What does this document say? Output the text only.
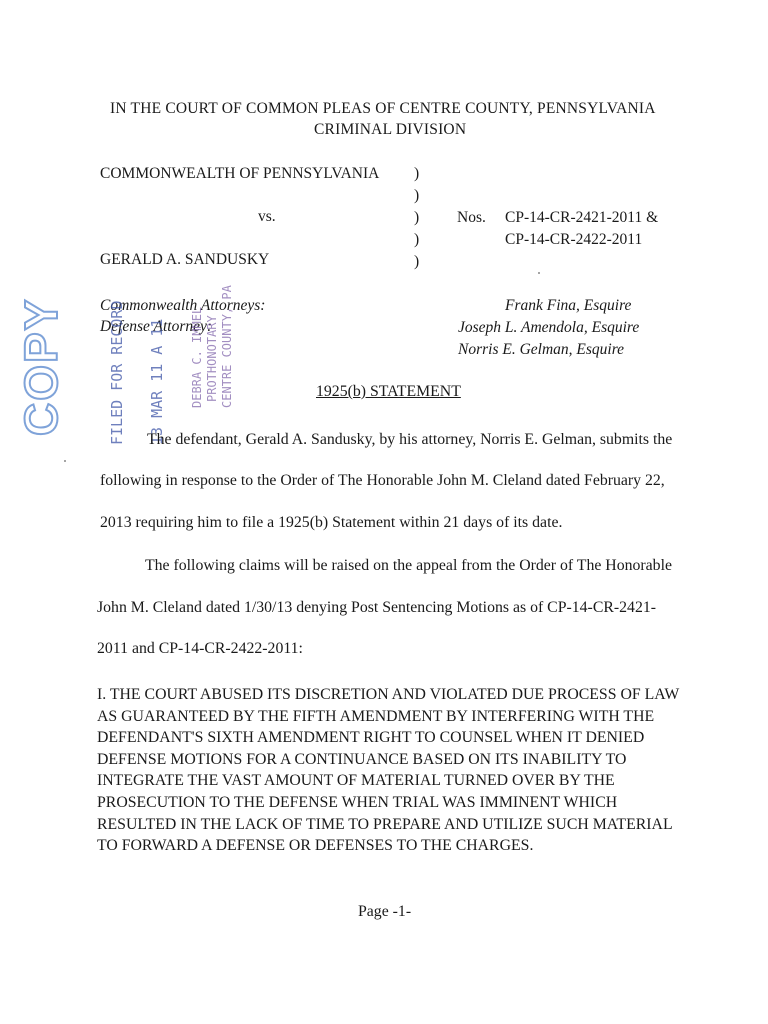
IN THE COURT OF COMMON PLEAS OF CENTRE COUNTY, PENNSYLVANIA
CRIMINAL DIVISION
COMMONWEALTH OF PENNSYLVANIA
vs.
GERALD A. SANDUSKY
)
)
)
)
)
Nos. CP-14-CR-2421-2011 &
CP-14-CR-2422-2011
Commonwealth Attorneys:
Defense Attorney:
Frank Fina, Esquire
Joseph L. Amendola, Esquire
Norris E. Gelman, Esquire
COPY	FILED FOR RECORD 13 MAR 11 A 11 DEBRA C. IMMEL PROTHONOTARY CENTRE COUNTY, PA	1925(b) STATEMENT
The defendant, Gerald A. Sandusky, by his attorney, Norris E. Gelman, submits the
following in response to the Order of The Honorable John M. Cleland dated February 22,
2013 requiring him to file a 1925(b) Statement within 21 days of its date.
The following claims will be raised on the appeal from the Order of The Honorable
John M. Cleland dated 1/30/13 denying Post Sentencing Motions as of CP-14-CR-2421-
2011 and CP-14-CR-2422-2011:
I. THE COURT ABUSED ITS DISCRETION AND VIOLATED DUE PROCESS OF LAW
AS GUARANTEED BY THE FIFTH AMENDMENT BY INTERFERING WITH THE
DEFENDANT'S SIXTH AMENDMENT RIGHT TO COUNSEL WHEN IT DENIED
DEFENSE MOTIONS FOR A CONTINUANCE BASED ON ITS INABILITY TO
INTEGRATE THE VAST AMOUNT OF MATERIAL TURNED OVER BY THE
PROSECUTION TO THE DEFENSE WHEN TRIAL WAS IMMINENT WHICH
RESULTED IN THE LACK OF TIME TO PREPARE AND UTILIZE SUCH MATERIAL
TO FORWARD A DEFENSE OR DEFENSES TO THE CHARGES.
Page -1-
